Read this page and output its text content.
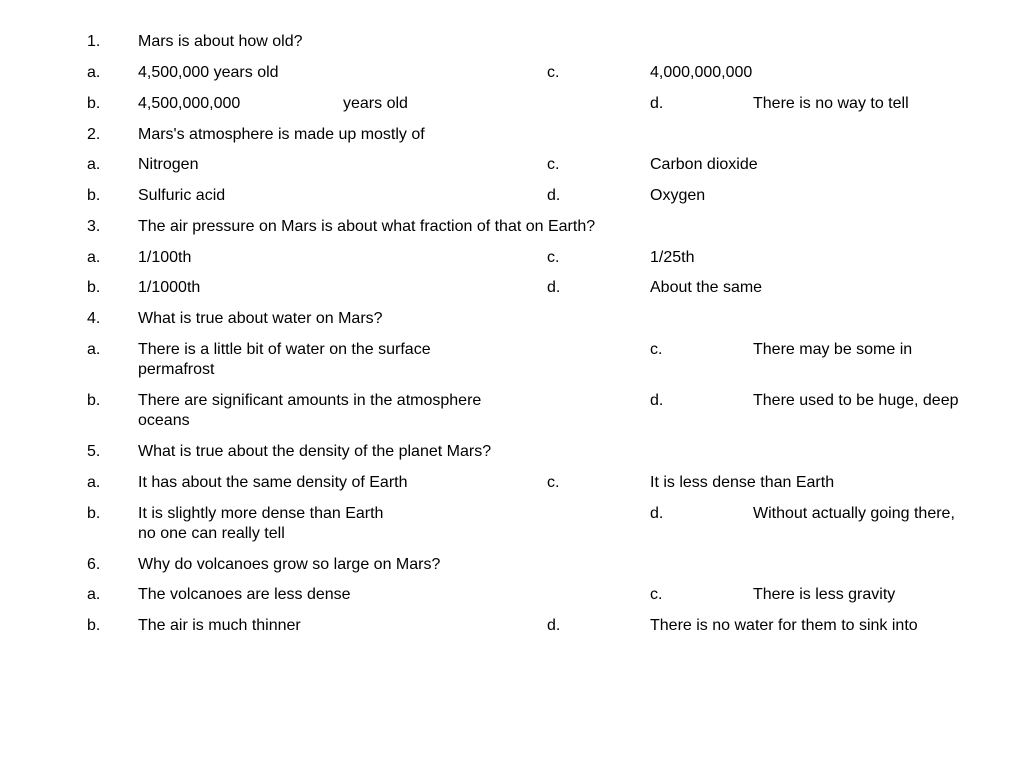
1. Mars is about how old?
a. 4,500,000 years old	c.	4,000,000,000
b. 4,500,000,000	years old	d.	There is no way to tell
2. Mars's atmosphere is made up mostly of
a. Nitrogen	c.	Carbon dioxide
b. Sulfuric acid	d.	Oxygen
3. The air pressure on Mars is about what fraction of that on Earth?
a. 1/100th	c.	1/25th
b. 1/1000th	d.	About the same
4. What is true about water on Mars?
a. There is a little bit of water on the surface	c.	There may be some in
permafrost
b. There are significant amounts in the atmosphere	d.	There used to be huge, deep
oceans
5. What is true about the density of the planet Mars?
a. It has about the same density of Earth	c.	It is less dense than Earth
b. It is slightly more dense than Earth	d.	Without actually going there,
no one can really tell
6. Why do volcanoes grow so large on Mars?
a. The volcanoes are less dense	c.	There is less gravity
b. The air is much thinner	d.	There is no water for them to sink into
